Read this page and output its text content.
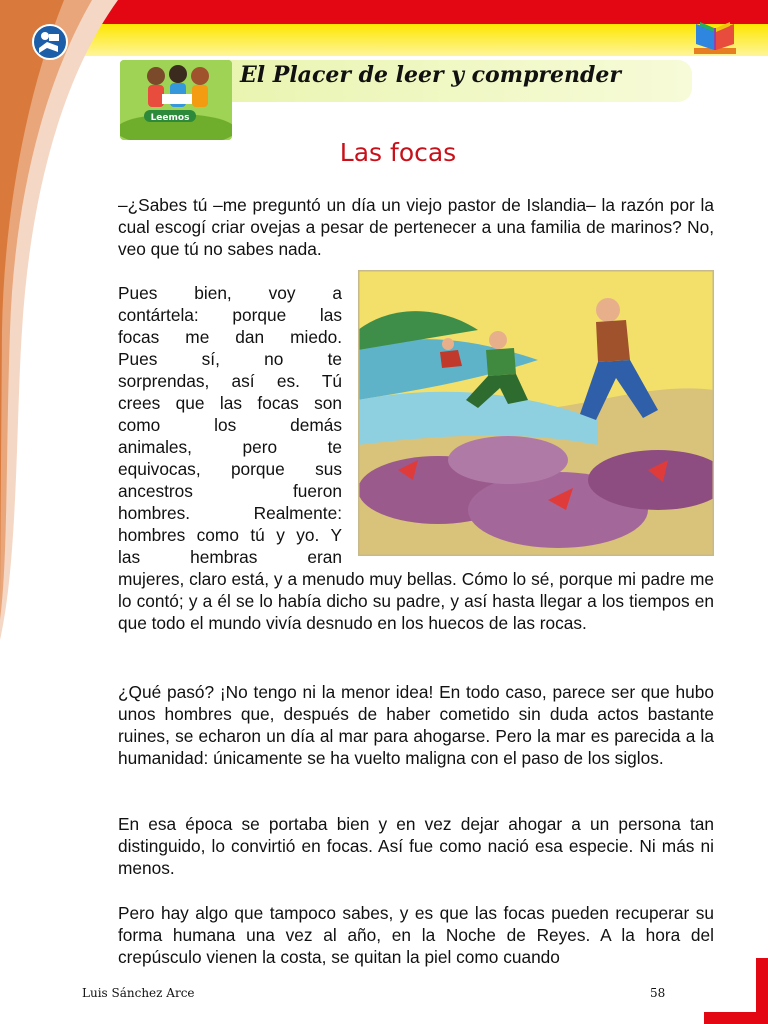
Leemos
El Placer de leer y comprender
Las focas

–¿Sabes tú –me preguntó un día un viejo pastor de Islandia– la razón por la cual escogí criar ovejas a pesar de pertenecer a una familia de marinos? No, veo que tú no sabes nada.

Pues bien, voy a
contártela: porque las
focas me dan miedo.
Pues sí, no te
sorprendas, así es. Tú
crees que las focas son
como los demás
animales, pero te
equivocas, porque sus
ancestros fueron
hombres. Realmente:
hombres como tú y yo. Y
las hembras eran

mujeres, claro está, y a menudo muy bellas. Cómo lo sé, porque mi padre me lo contó; y a él se lo había dicho su padre, y así hasta llegar a los tiempos en que todo el mundo vivía desnudo en los huecos de las rocas.

¿Qué pasó? ¡No tengo ni la menor idea! En todo caso, parece ser que hubo unos hombres que, después de haber cometido sin duda actos bastante ruines, se echaron un día al mar para ahogarse. Pero la mar es parecida a la humanidad: únicamente se ha vuelto maligna con el paso de los siglos.

En esa época se portaba bien y en vez dejar ahogar a un persona tan distinguido, lo convirtió en focas. Así fue como nació esa especie. Ni más ni menos.

Pero hay algo que tampoco sabes, y es que las focas pueden recuperar su forma humana una vez al año, en la Noche de Reyes. A la hora del crepúsculo vienen la costa, se quitan la piel como cuando

Luis Sánchez Arce	58
